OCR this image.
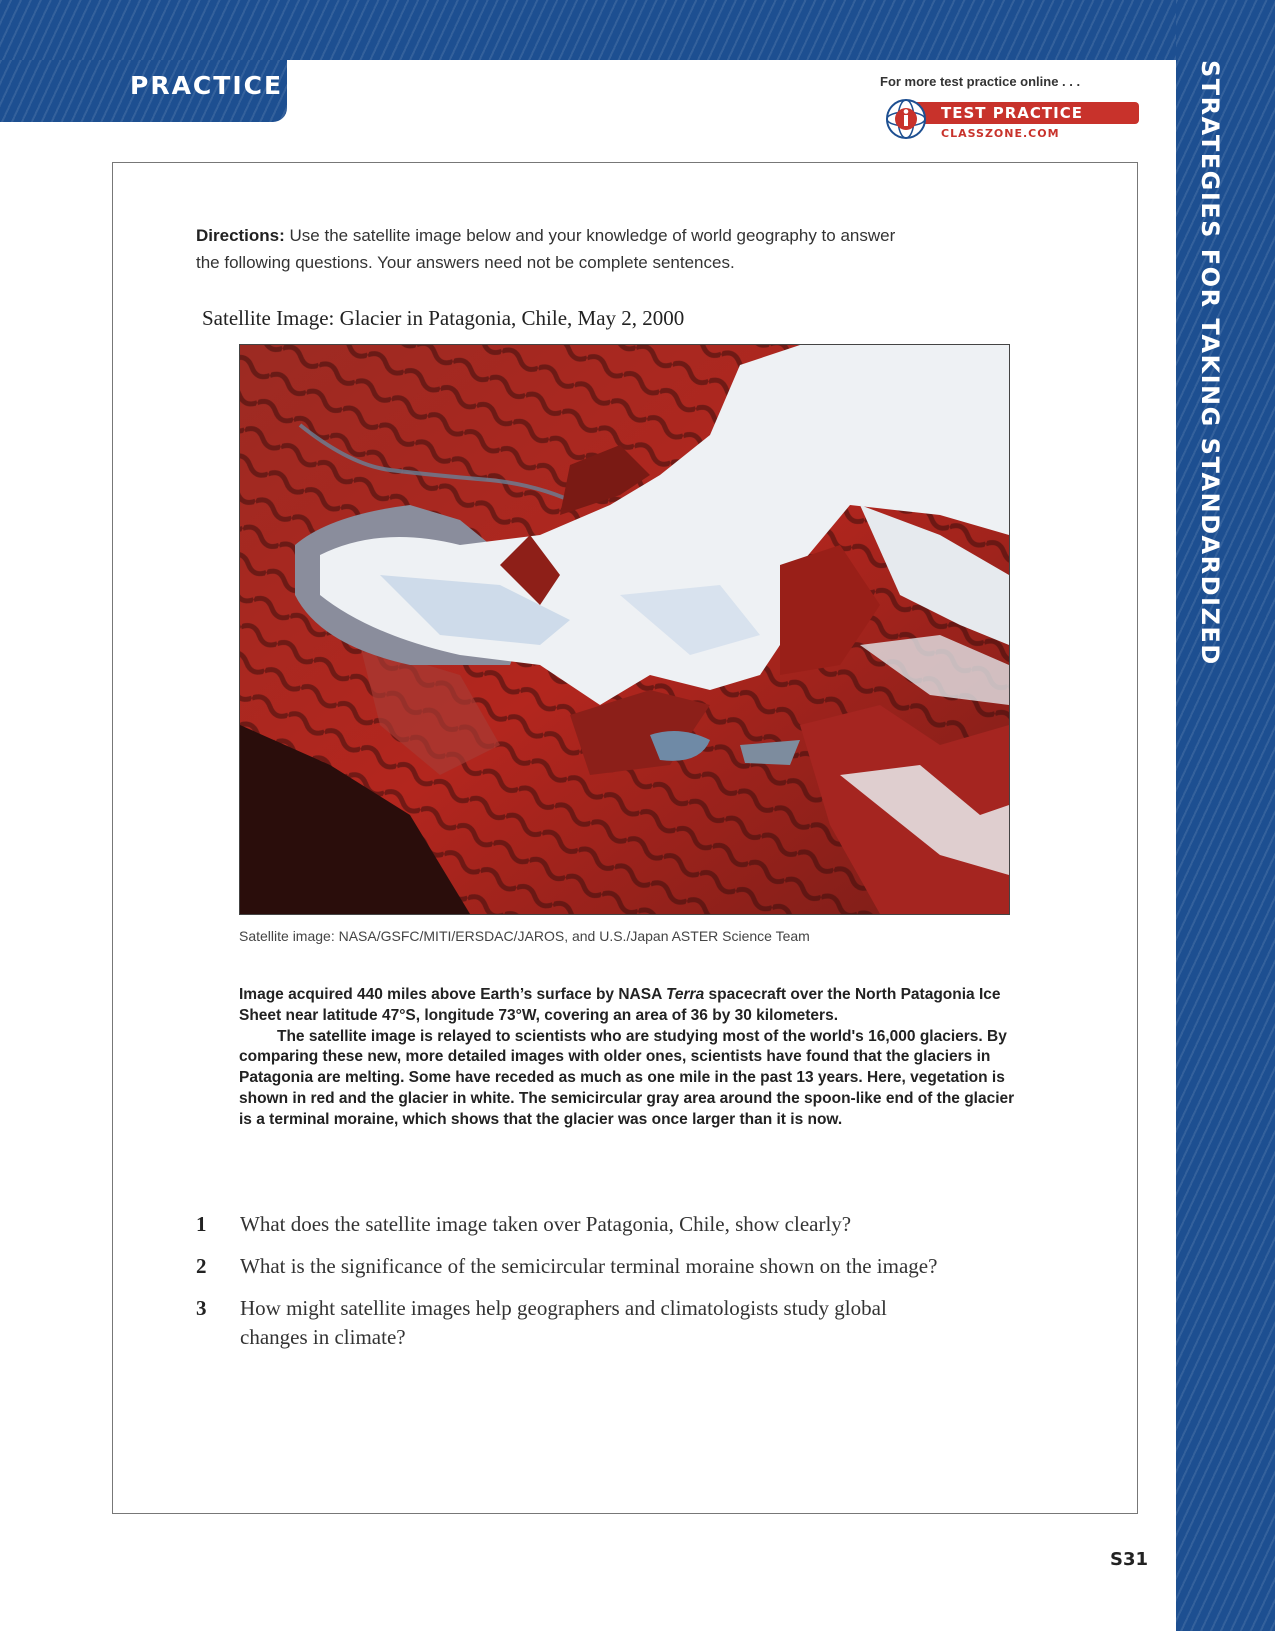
PRACTICE	STRATEGIES FOR TAKING STANDARDIZED TESTS
For more test practice online . . .
TEST PRACTICE
CLASSZONE.COM
Directions: Use the satellite image below and your knowledge of world geography to answer the following questions. Your answers need not be complete sentences.
Satellite Image: Glacier in Patagonia, Chile, May 2, 2000
Satellite image: NASA/GSFC/MITI/ERSDAC/JAROS, and U.S./Japan ASTER Science Team

Image acquired 440 miles above Earth’s surface by NASA Terra spacecraft over the North Patagonia Ice Sheet near latitude 47°S, longitude 73°W, covering an area of 36 by 30 kilometers.

The satellite image is relayed to scientists who are studying most of the world's 16,000 glaciers. By comparing these new, more detailed images with older ones, scientists have found that the glaciers in Patagonia are melting. Some have receded as much as one mile in the past 13 years. Here, vegetation is shown in red and the glacier in white. The semicircular gray area around the spoon-like end of the glacier is a terminal moraine, which shows that the glacier was once larger than it is now.

1 What does the satellite image taken over Patagonia, Chile, show clearly?
2 What is the significance of the semicircular terminal moraine shown on the image?
3 How might satellite images help geographers and climatologists study global changes in climate?
S31
